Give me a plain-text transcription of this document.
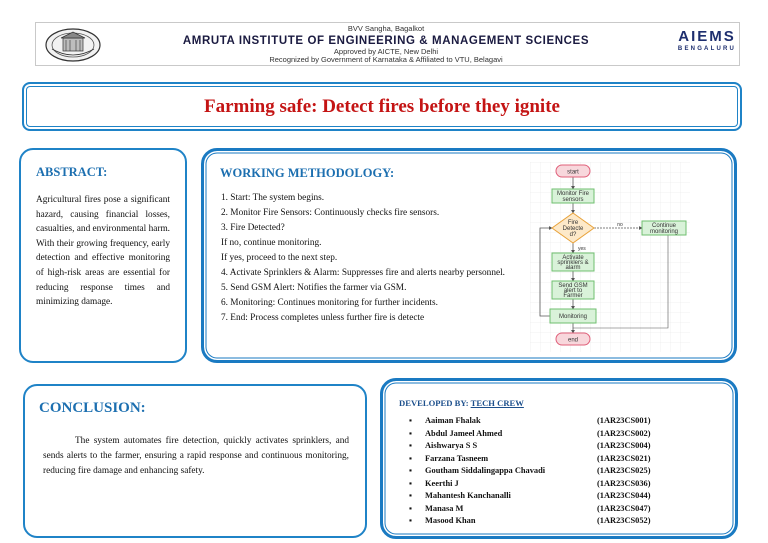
BVV Sangha, Bagalkot
AMRUTA INSTITUTE OF ENGINEERING & MANAGEMENT SCIENCES
Approved by AICTE, New Delhi
Recognized by Government of Karnataka & Affiliated to VTU, Belagavi
AIEMS
BENGALURU
Farming safe: Detect fires before they ignite
ABSTRACT:
Agricultural fires pose a significant hazard, causing financial losses, casualties, and environmental harm. With their growing frequency, early detection and effective monitoring of high-risk areas are essential for reducing response times and minimizing damage.
WORKING METHODOLOGY:
1. Start: The system begins.
2. Monitor Fire Sensors: Continuously checks fire sensors.
3. Fire Detected?
If no, continue monitoring.
If yes, proceed to the next step.
4. Activate Sprinklers & Alarm: Suppresses fire and alerts nearby personnel.
5. Send GSM Alert: Notifies the farmer via GSM.
6. Monitoring: Continues monitoring for further incidents.
7. End: Process completes unless further fire is detecte
start
Monitor Fire
sensors
Fire
Detecte
d?
no	Continue
monitoring
yes
Activate
sprinklers &
alarm
Send GSM
alert to
Farmer
Monitoring
end
CONCLUSION:
The system automates fire detection, quickly activates sprinklers, and sends alerts to the farmer, ensuring a rapid response and continuous monitoring, reducing fire damage and enhancing safety.
DEVELOPED BY: TECH CREW
▪	Aaiman Fhalak	(1AR23CS001)
▪	Abdul Jameel Ahmed	(1AR23CS002)
▪	Aishwarya S S	(1AR23CS004)
▪	Farzana Tasneem	(1AR23CS021)
▪	Goutham Siddalingappa Chavadi	(1AR23CS025)
▪	Keerthi J	(1AR23CS036)
▪	Mahantesh Kanchanalli	(1AR23CS044)
▪	Manasa M	(1AR23CS047)
▪	Masood Khan	(1AR23CS052)
